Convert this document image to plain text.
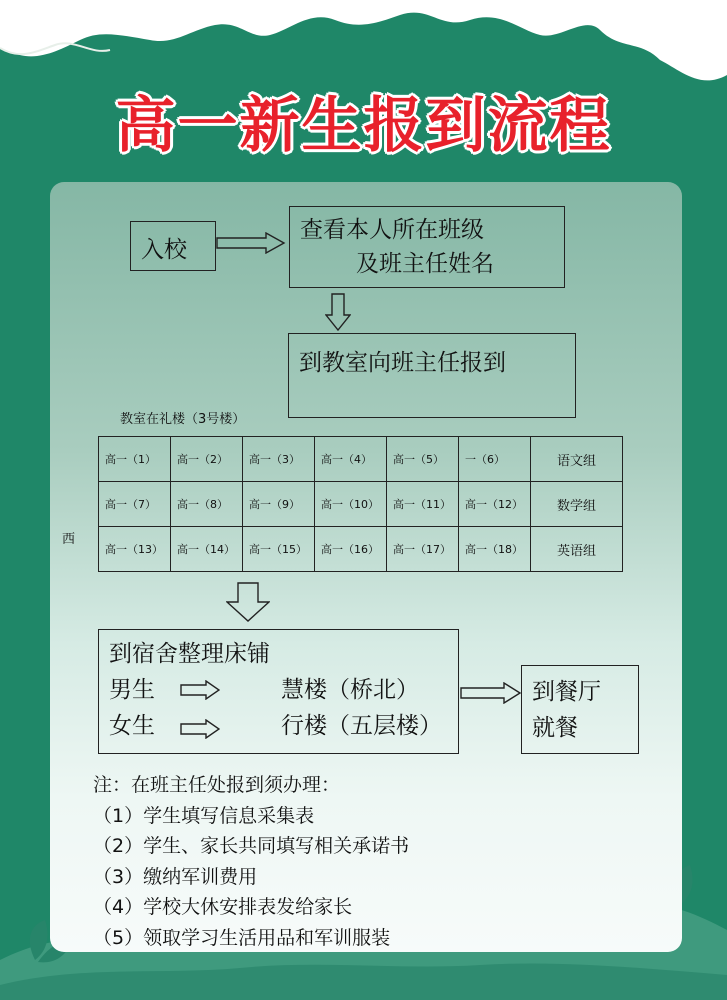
高一新生报到流程
入校
查看本人所在班级
及班主任姓名
到教室向班主任报到
教室在礼楼（3号楼）
西
高一（1）	高一（2）	高一（3）	高一（4）	高一（5）	一（6）	语文组
高一（7）	高一（8）	高一（9）	高一（10）	高一（11）	高一（12）	数学组
高一（13）	高一（14）	高一（15）	高一（16）	高一（17）	高一（18）	英语组
到宿舍整理床铺
男生	慧楼（桥北）
女生	行楼（五层楼）
到餐厅
就餐
注：在班主任处报到须办理：
（1）学生填写信息采集表
（2）学生、家长共同填写相关承诺书
（3）缴纳军训费用
（4）学校大休安排表发给家长
（5）领取学习生活用品和军训服装
